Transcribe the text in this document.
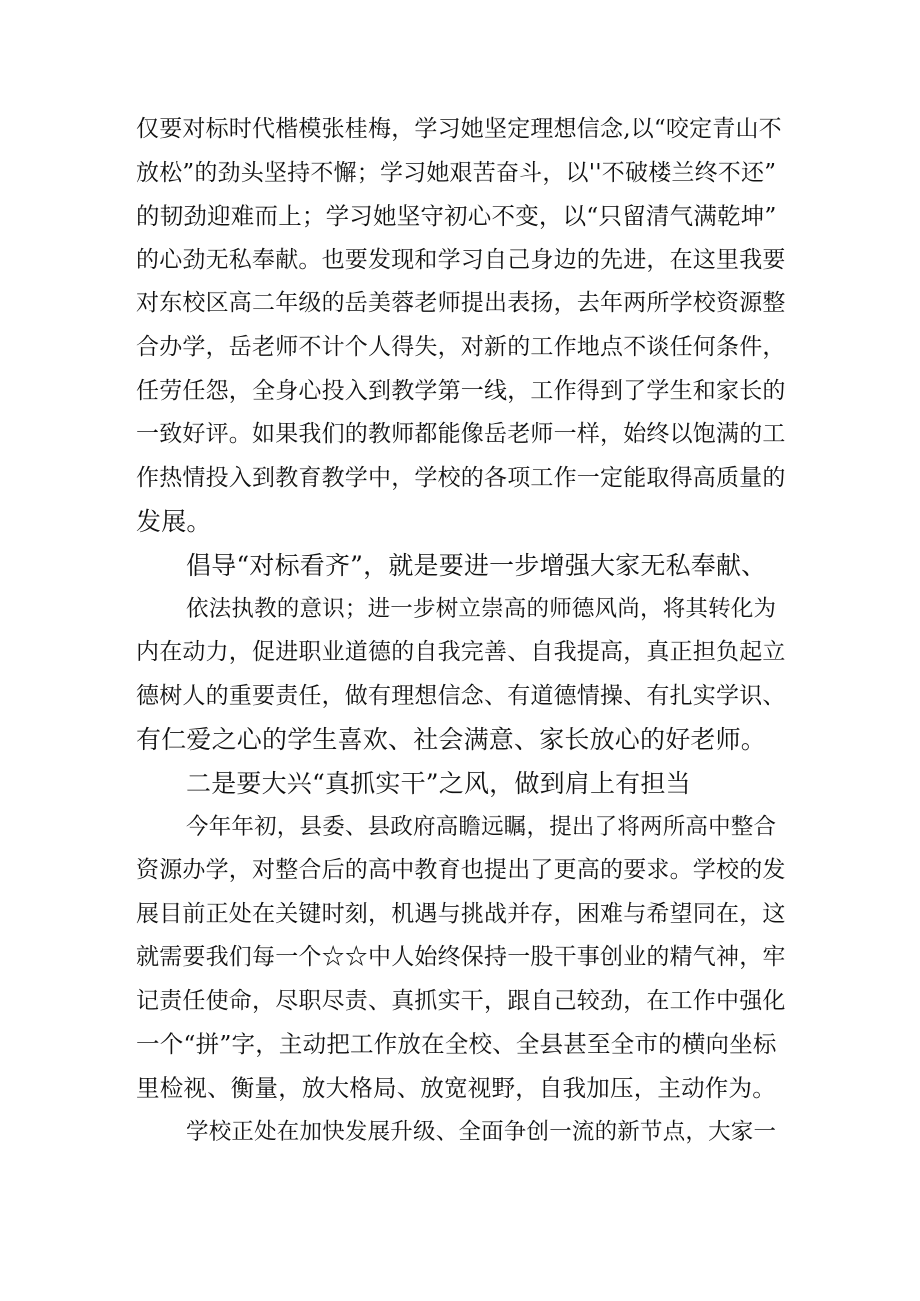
仅要对标时代楷模张桂梅，学习她坚定理想信念,以“咬定青山不
放松”的劲头坚持不懈；学习她艰苦奋斗，以''不破楼兰终不还”
的韧劲迎难而上；学习她坚守初心不变，以“只留清气满乾坤”
的心劲无私奉献。也要发现和学习自己身边的先进，在这里我要
对东校区高二年级的岳美蓉老师提出表扬，去年两所学校资源整
合办学，岳老师不计个人得失，对新的工作地点不谈任何条件，
任劳任怨，全身心投入到教学第一线，工作得到了学生和家长的
一致好评。如果我们的教师都能像岳老师一样，始终以饱满的工
作热情投入到教育教学中，学校的各项工作一定能取得高质量的
发展。
倡导“对标看齐”，就是要进一步增强大家无私奉献、
依法执教的意识；进一步树立崇高的师德风尚，将其转化为
内在动力，促进职业道德的自我完善、自我提高，真正担负起立
德树人的重要责任，做有理想信念、有道德情操、有扎实学识、
有仁爱之心的学生喜欢、社会满意、家长放心的好老师。
二是要大兴“真抓实干”之风，做到肩上有担当
今年年初，县委、县政府高瞻远瞩，提出了将两所高中整合
资源办学，对整合后的高中教育也提出了更高的要求。学校的发
展目前正处在关键时刻，机遇与挑战并存，困难与希望同在，这
就需要我们每一个☆☆中人始终保持一股干事创业的精气神，牢
记责任使命，尽职尽责、真抓实干，跟自己较劲，在工作中强化
一个“拼”字，主动把工作放在全校、全县甚至全市的横向坐标
里检视、衡量，放大格局、放宽视野，自我加压，主动作为。
学校正处在加快发展升级、全面争创一流的新节点，大家一
